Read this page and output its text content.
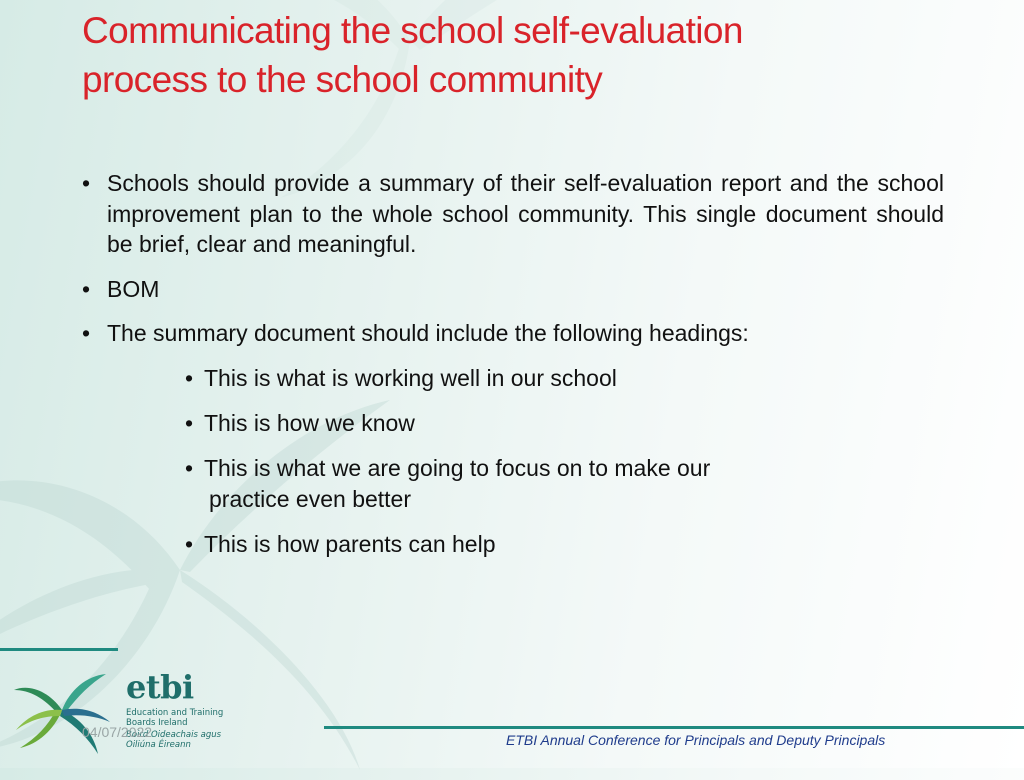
Communicating the school self-evaluation
process to the school community
• Schools should provide a summary of their self-evaluation report and the school improvement plan to the whole school community. This single document should be brief, clear and meaningful.
• BOM
• The summary document should include the following headings:
• This is what is working well in our school
• This is how we know
• This is what we are going to focus on to make our
practice even better
• This is how parents can help
etbi
Education and Training
Boards Ireland
Boird Oideachais agus
Oiliúna Éireann
04/07/2022	ETBI Annual Conference for Principals and Deputy Principals
